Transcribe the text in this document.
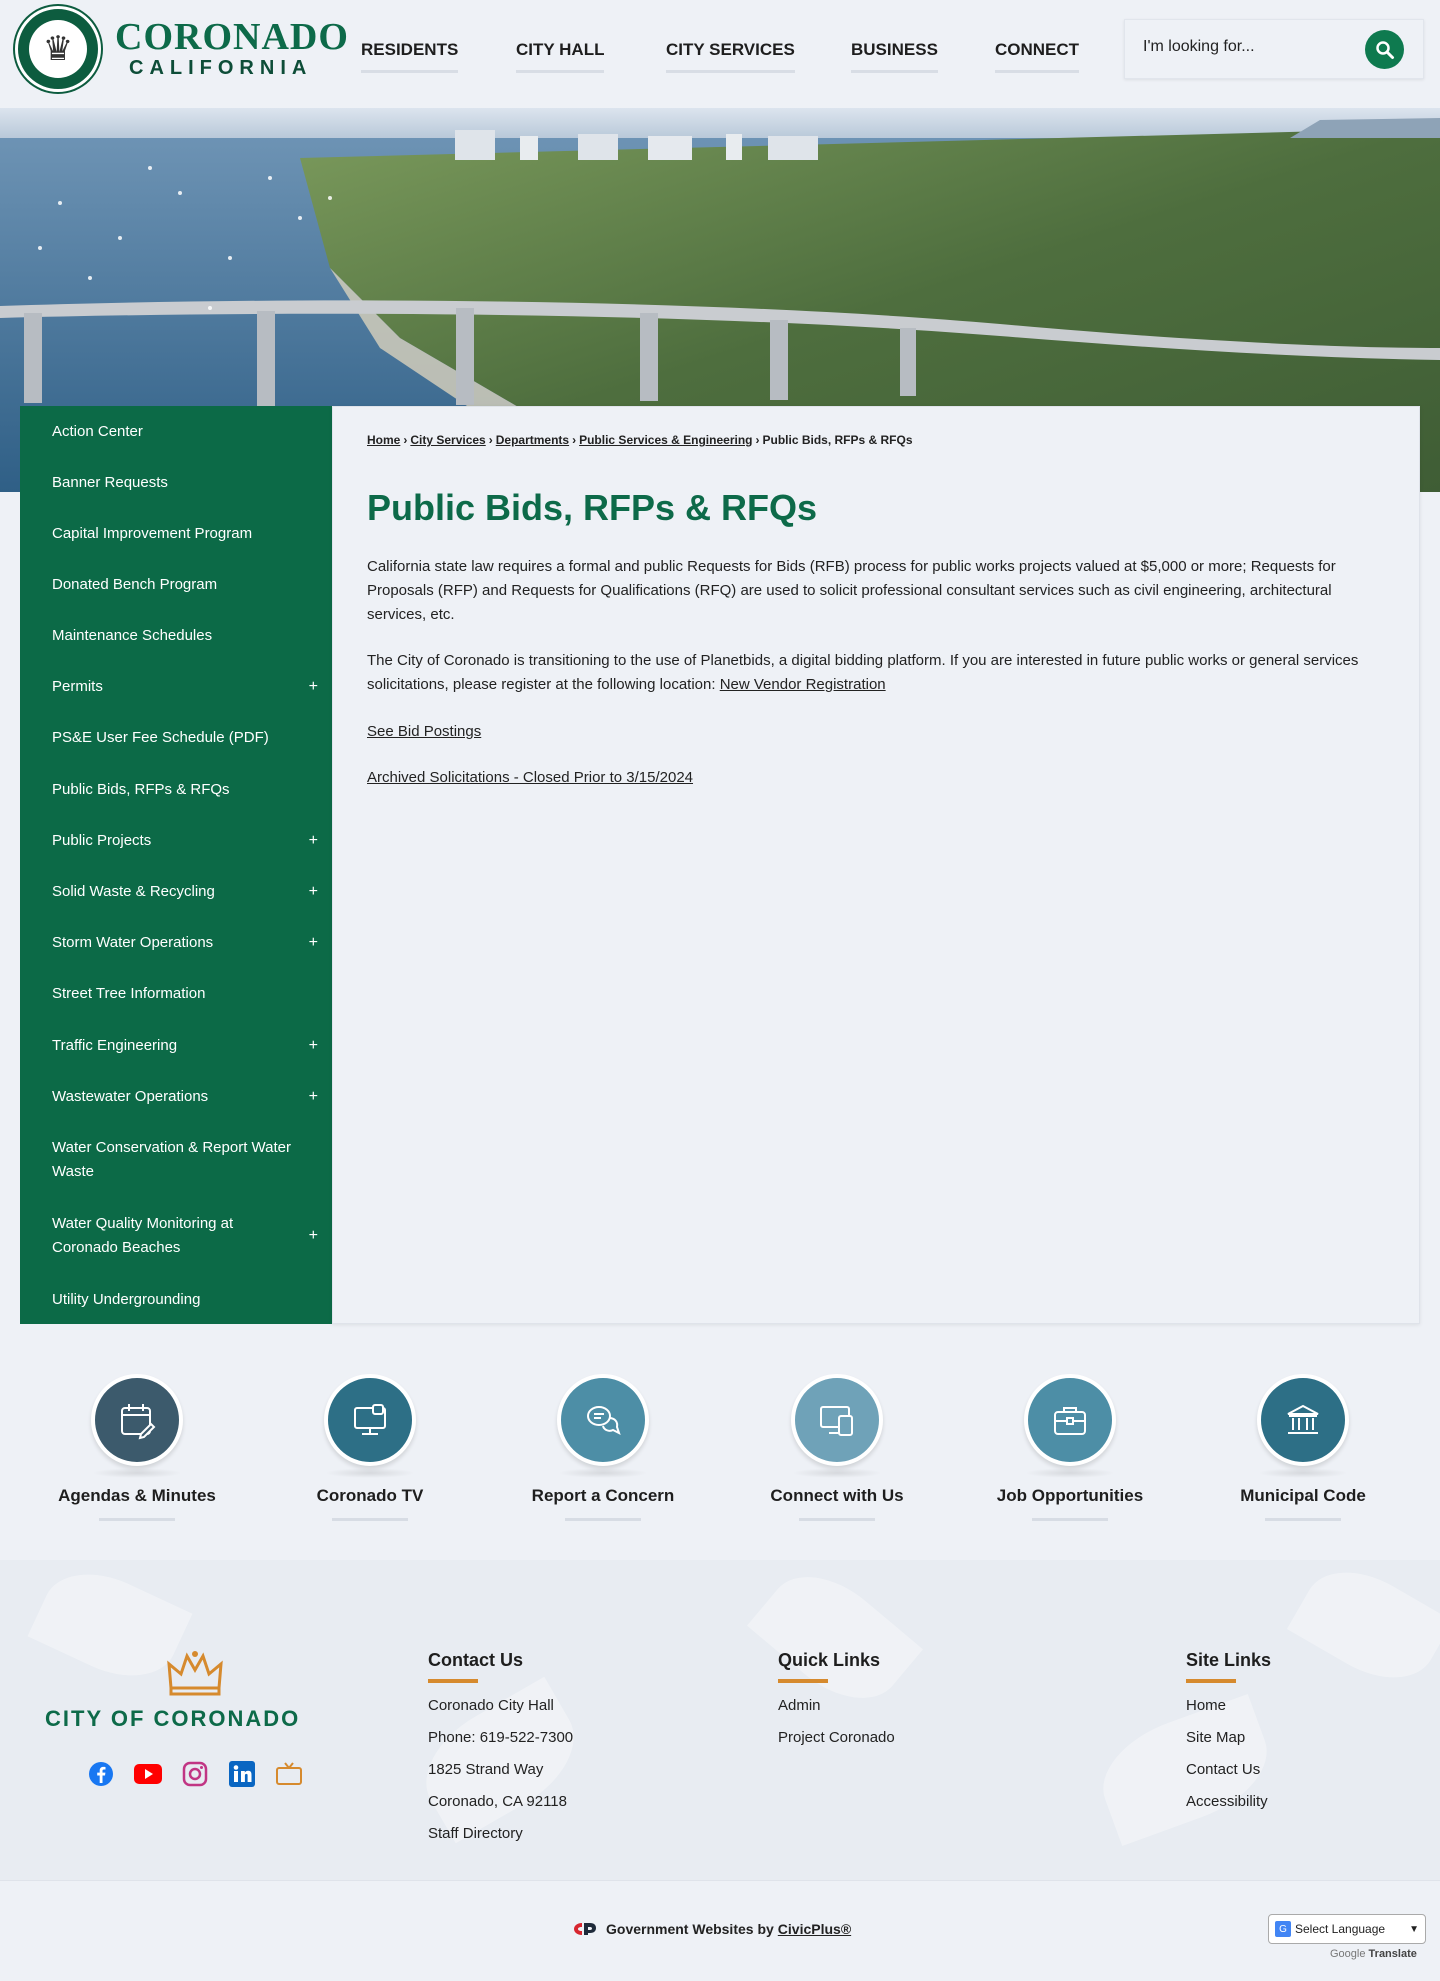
♛	CORONADO
CALIFORNIA
RESIDENTS	CITY HALL	CITY SERVICES	BUSINESS	CONNECT
I'm looking for...
Action Center
Banner Requests
Capital Improvement Program
Donated Bench Program
Maintenance Schedules
Permits	+
PS&E User Fee Schedule (PDF)
Public Bids, RFPs & RFQs
Public Projects	+
Solid Waste & Recycling	+
Storm Water Operations	+
Street Tree Information
Traffic Engineering	+
Wastewater Operations	+
Water Conservation & Report Water Waste
Water Quality Monitoring at Coronado Beaches
+
Utility Undergrounding
Home › City Services › Departments › Public Services & Engineering › Public Bids, RFPs & RFQs
Public Bids, RFPs & RFQs

California state law requires a formal and public Requests for Bids (RFB) process for public works projects valued at $5,000 or more; Requests for Proposals (RFP) and Requests for Qualifications (RFQ) are used to solicit professional consultant services such as civil engineering, architectural services, etc.

The City of Coronado is transitioning to the use of Planetbids, a digital bidding platform. If you are interested in future public works or general services solicitations, please register at the following location: New Vendor Registration

See Bid Postings
Archived Solicitations - Closed Prior to 3/15/2024
Agendas & Minutes	Coronado TV	Report a Concern	Connect with Us	Job Opportunities	Municipal Code
CITY OF CORONADO
Contact Us
Coronado City Hall
Phone: 619-522-7300
1825 Strand Way
Coronado, CA 92118
Staff Directory
Quick Links
Admin
Project Coronado
Site Links
Home
Site Map
Contact Us
Accessibility
Government Websites by CivicPlus®	G Select Language ▼
Google Translate
